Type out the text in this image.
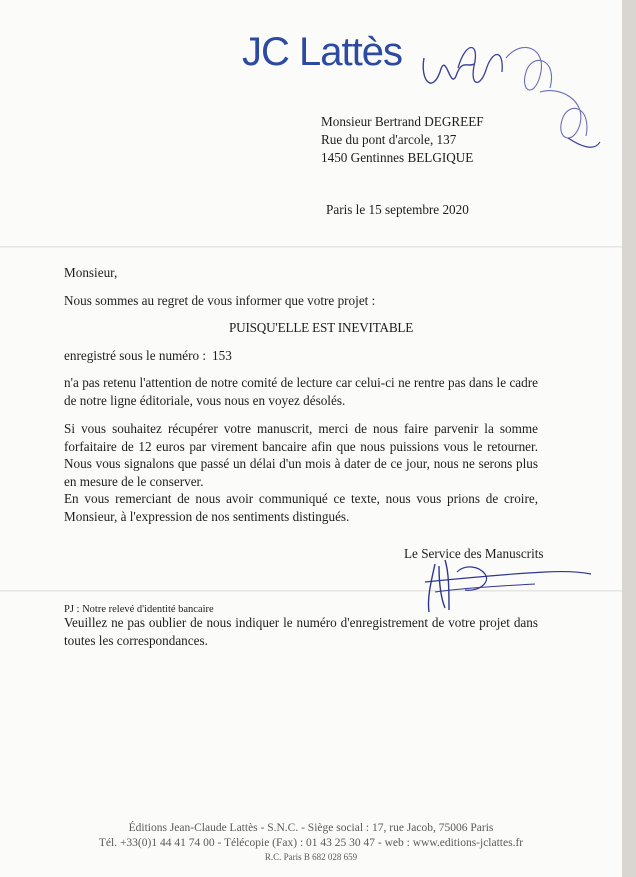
JC Lattès
Monsieur Bertrand DEGREEF
Rue du pont d'arcole, 137
1450 Gentinnes BELGIQUE
Paris le 15 septembre 2020
Monsieur,
Nous sommes au regret de vous informer que votre projet :
PUISQU'ELLE EST INEVITABLE
enregistré sous le numéro : 153
n'a pas retenu l'attention de notre comité de lecture car celui-ci ne rentre pas dans le cadre de notre ligne éditoriale, vous nous en voyez désolés.
Si vous souhaitez récupérer votre manuscrit, merci de nous faire parvenir la somme forfaitaire de 12 euros par virement bancaire afin que nous puissions vous le retourner. Nous vous signalons que passé un délai d'un mois à dater de ce jour, nous ne serons plus en mesure de le conserver.
En vous remerciant de nous avoir communiqué ce texte, nous vous prions de croire, Monsieur, à l'expression de nos sentiments distingués.
Le Service des Manuscrits
PJ : Notre relevé d'identité bancaire
Veuillez ne pas oublier de nous indiquer le numéro d'enregistrement de votre projet dans toutes les correspondances.
Éditions Jean-Claude Lattès - S.N.C. - Siège social : 17, rue Jacob, 75006 Paris
Tél. +33(0)1 44 41 74 00 - Télécopie (Fax) : 01 43 25 30 47 - web : www.editions-jclattes.fr
R.C. Paris B 682 028 659
